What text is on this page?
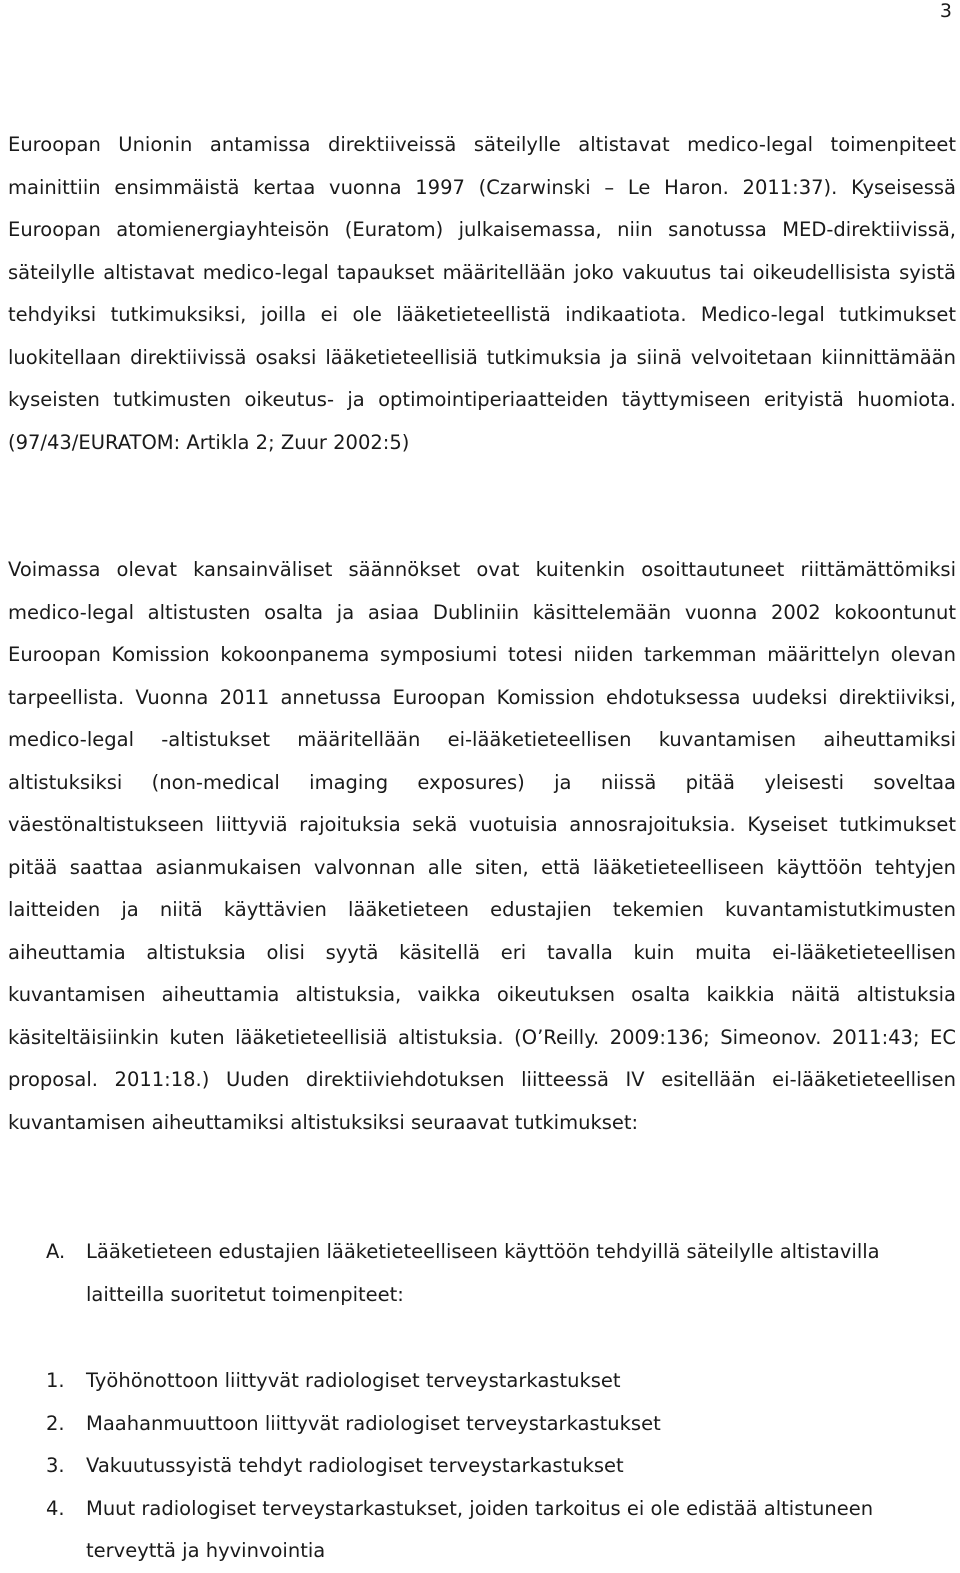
3
Euroopan Unionin antamissa direktiiveissä säteilylle altistavat medico-legal toimenpiteet mainittiin ensimmäistä kertaa vuonna 1997 (Czarwinski – Le Haron. 2011:37). Kyseisessä Euroopan atomienergiayhteisön (Euratom) julkaisemassa, niin sanotussa MED-direktiivissä, säteilylle altistavat medico-legal tapaukset määritellään joko vakuutus tai oikeudellisista syistä tehdyiksi tutkimuksiksi, joilla ei ole lääketieteellistä indikaatiota. Medico-legal tutkimukset luokitellaan direktiivissä osaksi lääketieteellisiä tutkimuksia ja siinä velvoitetaan kiinnittämään kyseisten tutkimusten oikeutus- ja optimointiperiaatteiden täyttymiseen erityistä huomiota. (97/43/EURATOM: Artikla 2; Zuur 2002:5)
Voimassa olevat kansainväliset säännökset ovat kuitenkin osoittautuneet riittämättömiksi medico-legal altistusten osalta ja asiaa Dubliniin käsittelemään vuonna 2002 kokoontunut Euroopan Komission kokoonpanema symposiumi totesi niiden tarkemman määrittelyn olevan tarpeellista. Vuonna 2011 annetussa Euroopan Komission ehdotuksessa uudeksi direktiiviksi, medico-legal -altistukset määritellään ei-lääketieteellisen kuvantamisen aiheuttamiksi altistuksiksi (non-medical imaging exposures) ja niissä pitää yleisesti soveltaa väestönaltistukseen liittyviä rajoituksia sekä vuotuisia annosrajoituksia. Kyseiset tutkimukset pitää saattaa asianmukaisen valvonnan alle siten, että lääketieteelliseen käyttöön tehtyjen laitteiden ja niitä käyttävien lääketieteen edustajien tekemien kuvantamistutkimusten aiheuttamia altistuksia olisi syytä käsitellä eri tavalla kuin muita ei-lääketieteellisen kuvantamisen aiheuttamia altistuksia, vaikka oikeutuksen osalta kaikkia näitä altistuksia käsiteltäisiinkin kuten lääketieteellisiä altistuksia. (O’Reilly. 2009:136; Simeonov. 2011:43; EC proposal. 2011:18.) Uuden direktiiviehdotuksen liitteessä IV esitellään ei-lääketieteellisen kuvantamisen aiheuttamiksi altistuksiksi seuraavat tutkimukset:
A. Lääketieteen edustajien lääketieteelliseen käyttöön tehdyillä säteilylle altistavilla laitteilla suoritetut toimenpiteet:
1. Työhönottoon liittyvät radiologiset terveystarkastukset
2. Maahanmuuttoon liittyvät radiologiset terveystarkastukset
3. Vakuutussyistä tehdyt radiologiset terveystarkastukset
4. Muut radiologiset terveystarkastukset, joiden tarkoitus ei ole edistää altistuneen terveyttä ja hyvinvointia
